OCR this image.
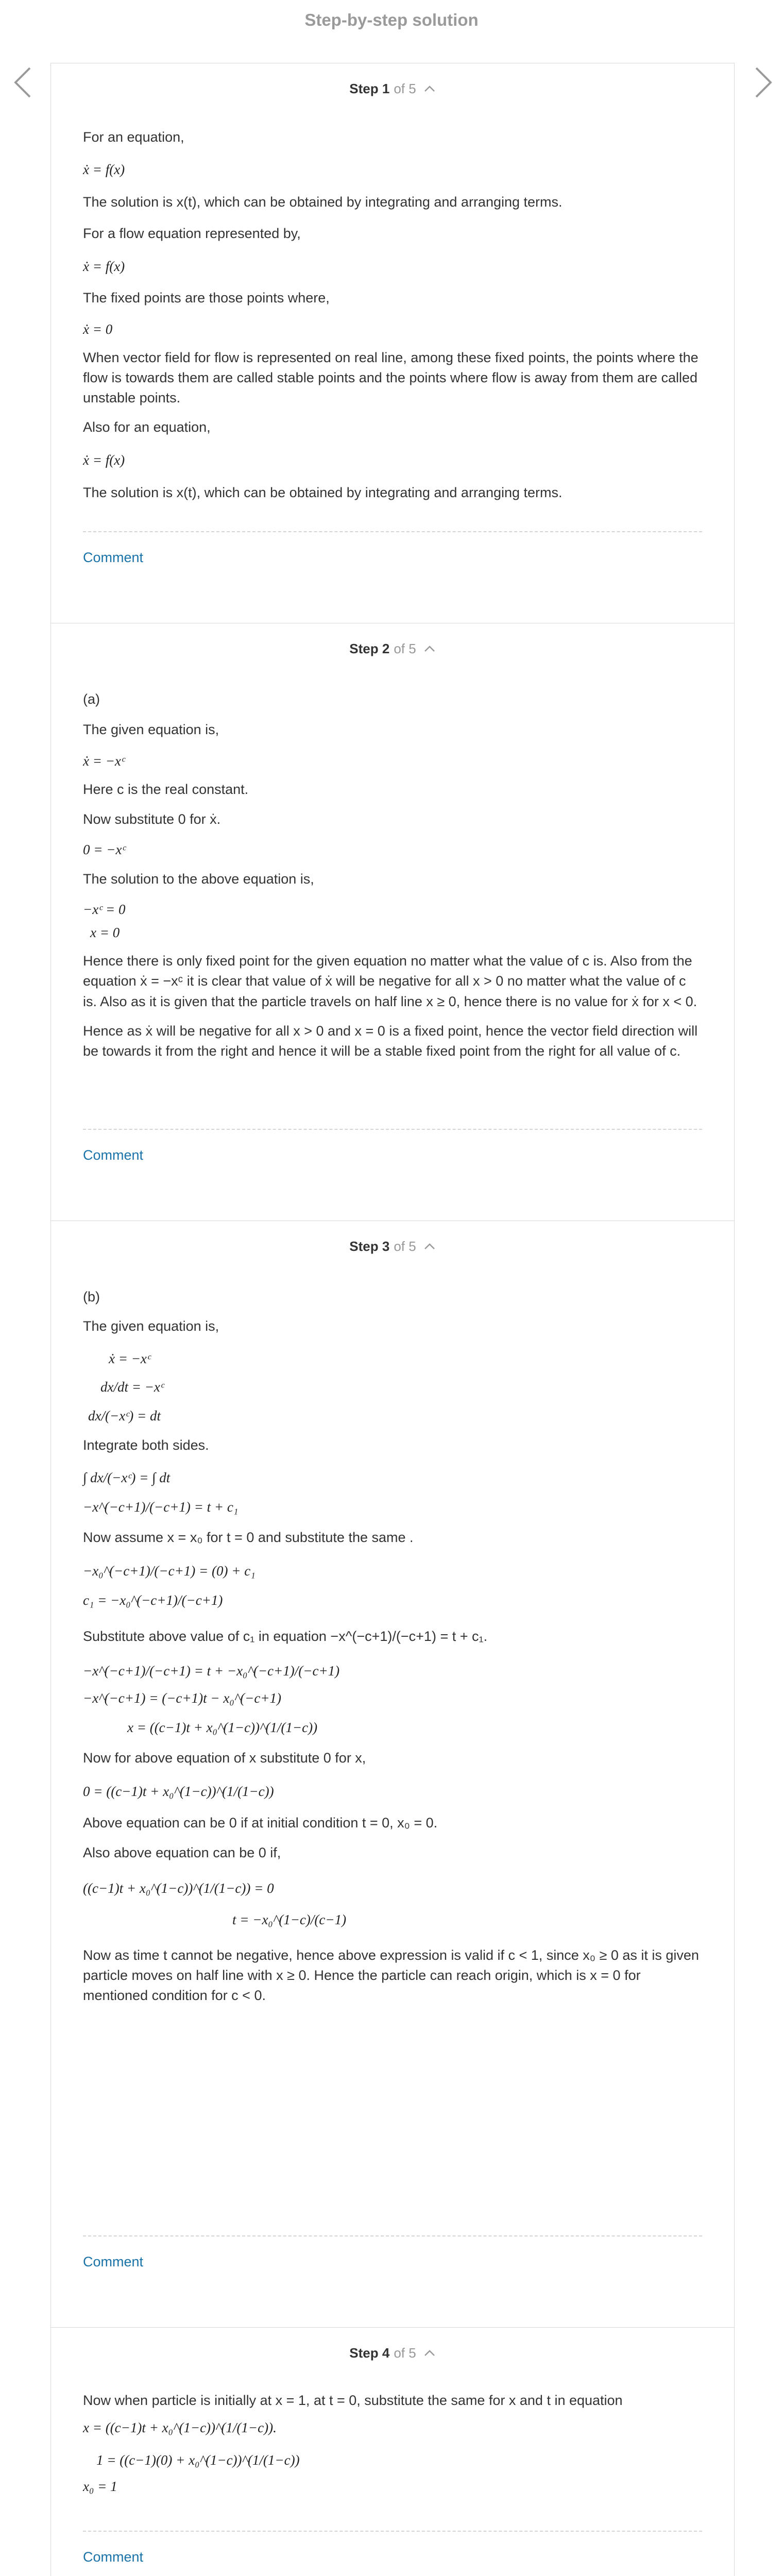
Step-by-step solution
Step 1 of 5

For an equation,

ẋ = f(x)

The solution is x(t), which can be obtained by integrating and arranging terms.

For a flow equation represented by,

ẋ = f(x)

The fixed points are those points where,

ẋ = 0

When vector field for flow is represented on real line, among these fixed points, the points where the flow is towards them are called stable points and the points where flow is away from them are called unstable points.

Also for an equation,

ẋ = f(x)

The solution is x(t), which can be obtained by integrating and arranging terms.

Comment
Step 2 of 5

(a)

The given equation is,

ẋ = −xᶜ

Here c is the real constant.

Now substitute 0 for ẋ.

0 = −xᶜ

The solution to the above equation is,

−xᶜ = 0

x = 0

Hence there is only fixed point for the given equation no matter what the value of c is. Also from the equation ẋ = −xᶜ it is clear that value of ẋ will be negative for all x > 0 no matter what the value of c is. Also as it is given that the particle travels on half line x ≥ 0, hence there is no value for ẋ for x < 0.

Hence as ẋ will be negative for all x > 0 and x = 0 is a fixed point, hence the vector field direction will be towards it from the right and hence it will be a stable fixed point from the right for all value of c.

Comment
Step 3 of 5

(b)

The given equation is,

ẋ = −xᶜ

dx/dt = −xᶜ

dx/(−xᶜ) = dt

Integrate both sides.

∫ dx/(−xᶜ) = ∫ dt

−x^(−c+1)/(−c+1) = t + c₁

Now assume x = x₀ for t = 0 and substitute the same .

−x₀^(−c+1)/(−c+1) = (0) + c₁

c₁ = −x₀^(−c+1)/(−c+1)

Substitute above value of c₁ in equation −x^(−c+1)/(−c+1) = t + c₁.

−x^(−c+1)/(−c+1) = t + −x₀^(−c+1)/(−c+1)

−x^(−c+1) = (−c+1)t − x₀^(−c+1)

x = ((c−1)t + x₀^(1−c))^(1/(1−c))

Now for above equation of x substitute 0 for x,

0 = ((c−1)t + x₀^(1−c))^(1/(1−c))

Above equation can be 0 if at initial condition t = 0, x₀ = 0.

Also above equation can be 0 if,

((c−1)t + x₀^(1−c))^(1/(1−c)) = 0

t = −x₀^(1−c)/(c−1)

Now as time t cannot be negative, hence above expression is valid if c < 1, since x₀ ≥ 0 as it is given particle moves on half line with x ≥ 0. Hence the particle can reach origin, which is x = 0 for mentioned condition for c < 0.

Comment
Step 4 of 5

Now when particle is initially at x = 1, at t = 0, substitute the same for x and t in equation

x = ((c−1)t + x₀^(1−c))^(1/(1−c)).

1 = ((c−1)(0) + x₀^(1−c))^(1/(1−c))

x₀ = 1

Comment
